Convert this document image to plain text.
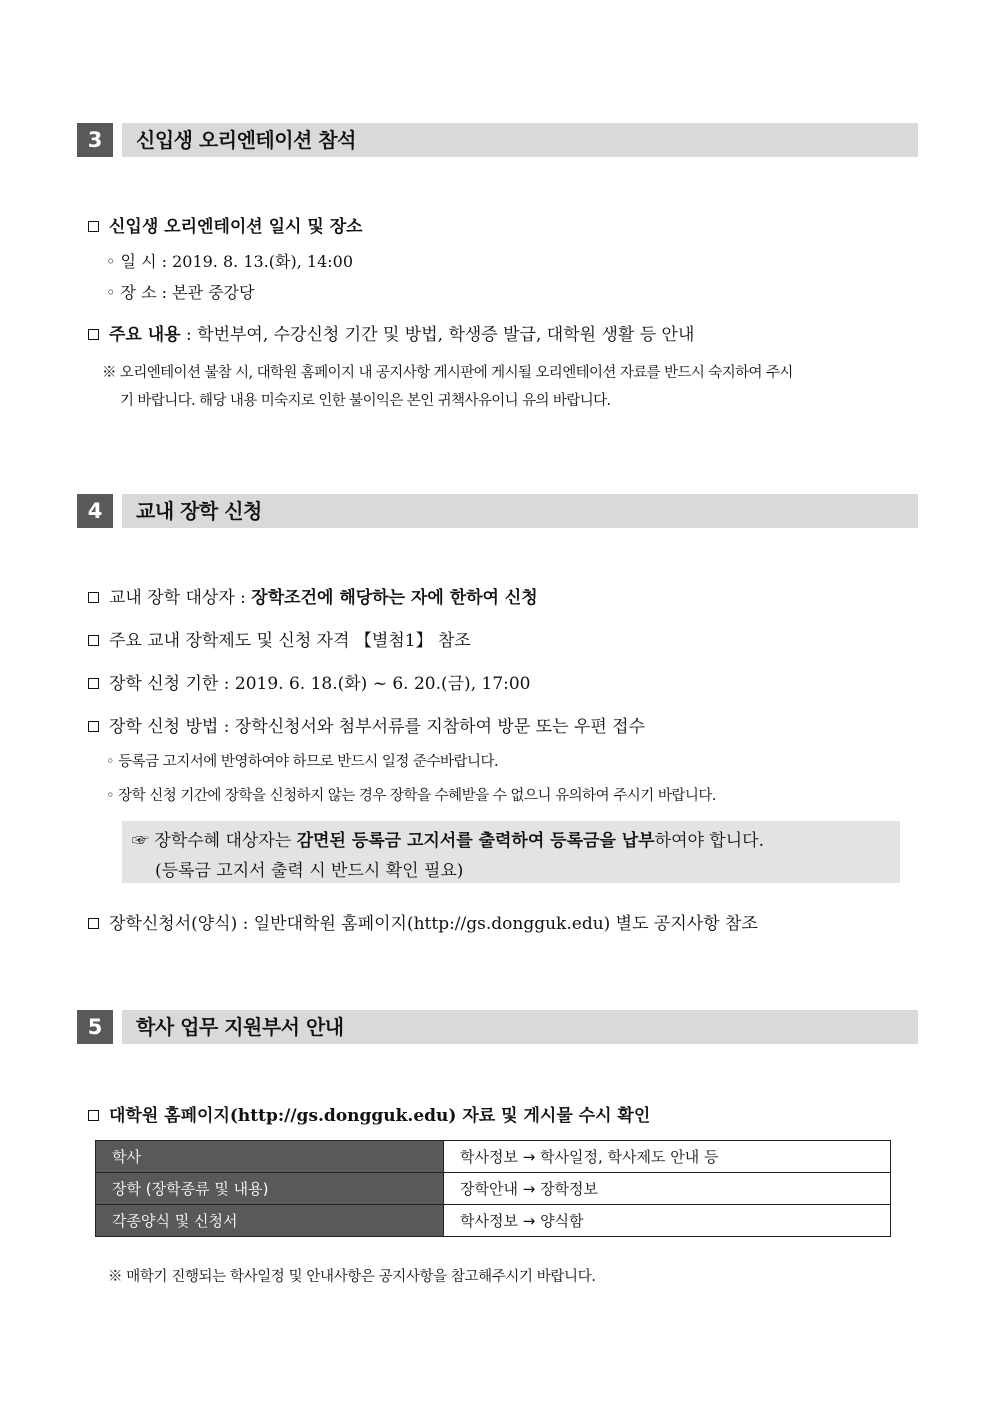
3	신입생 오리엔테이션 참석
신입생 오리엔테이션 일시 및 장소
◦ 일 시 : 2019. 8. 13.(화), 14:00
◦ 장 소 : 본관 중강당
주요 내용 : 학번부여, 수강신청 기간 및 방법, 학생증 발급, 대학원 생활 등 안내
※ 오리엔테이션 불참 시, 대학원 홈페이지 내 공지사항 게시판에 게시될 오리엔테이션 자료를 반드시 숙지하여 주시
기 바랍니다. 해당 내용 미숙지로 인한 불이익은 본인 귀책사유이니 유의 바랍니다.
4	교내 장학 신청
교내 장학 대상자 : 장학조건에 해당하는 자에 한하여 신청
주요 교내 장학제도 및 신청 자격 【별첨1】 참조
장학 신청 기한 : 2019. 6. 18.(화) ~ 6. 20.(금), 17:00
장학 신청 방법 : 장학신청서와 첨부서류를 지참하여 방문 또는 우편 접수
◦ 등록금 고지서에 반영하여야 하므로 반드시 일정 준수바랍니다.
◦ 장학 신청 기간에 장학을 신청하지 않는 경우 장학을 수혜받을 수 없으니 유의하여 주시기 바랍니다.
☞ 장학수혜 대상자는 감면된 등록금 고지서를 출력하여 등록금을 납부하여야 합니다.
(등록금 고지서 출력 시 반드시 확인 필요)
장학신청서(양식) : 일반대학원 홈페이지(http://gs.dongguk.edu) 별도 공지사항 참조
5	학사 업무 지원부서 안내
대학원 홈페이지(http://gs.dongguk.edu) 자료 및 게시물 수시 확인
학사	학사정보 → 학사일정, 학사제도 안내 등
장학 (장학종류 및 내용)	장학안내 → 장학정보
각종양식 및 신청서	학사정보 → 양식함
※ 매학기 진행되는 학사일정 및 안내사항은 공지사항을 참고해주시기 바랍니다.
